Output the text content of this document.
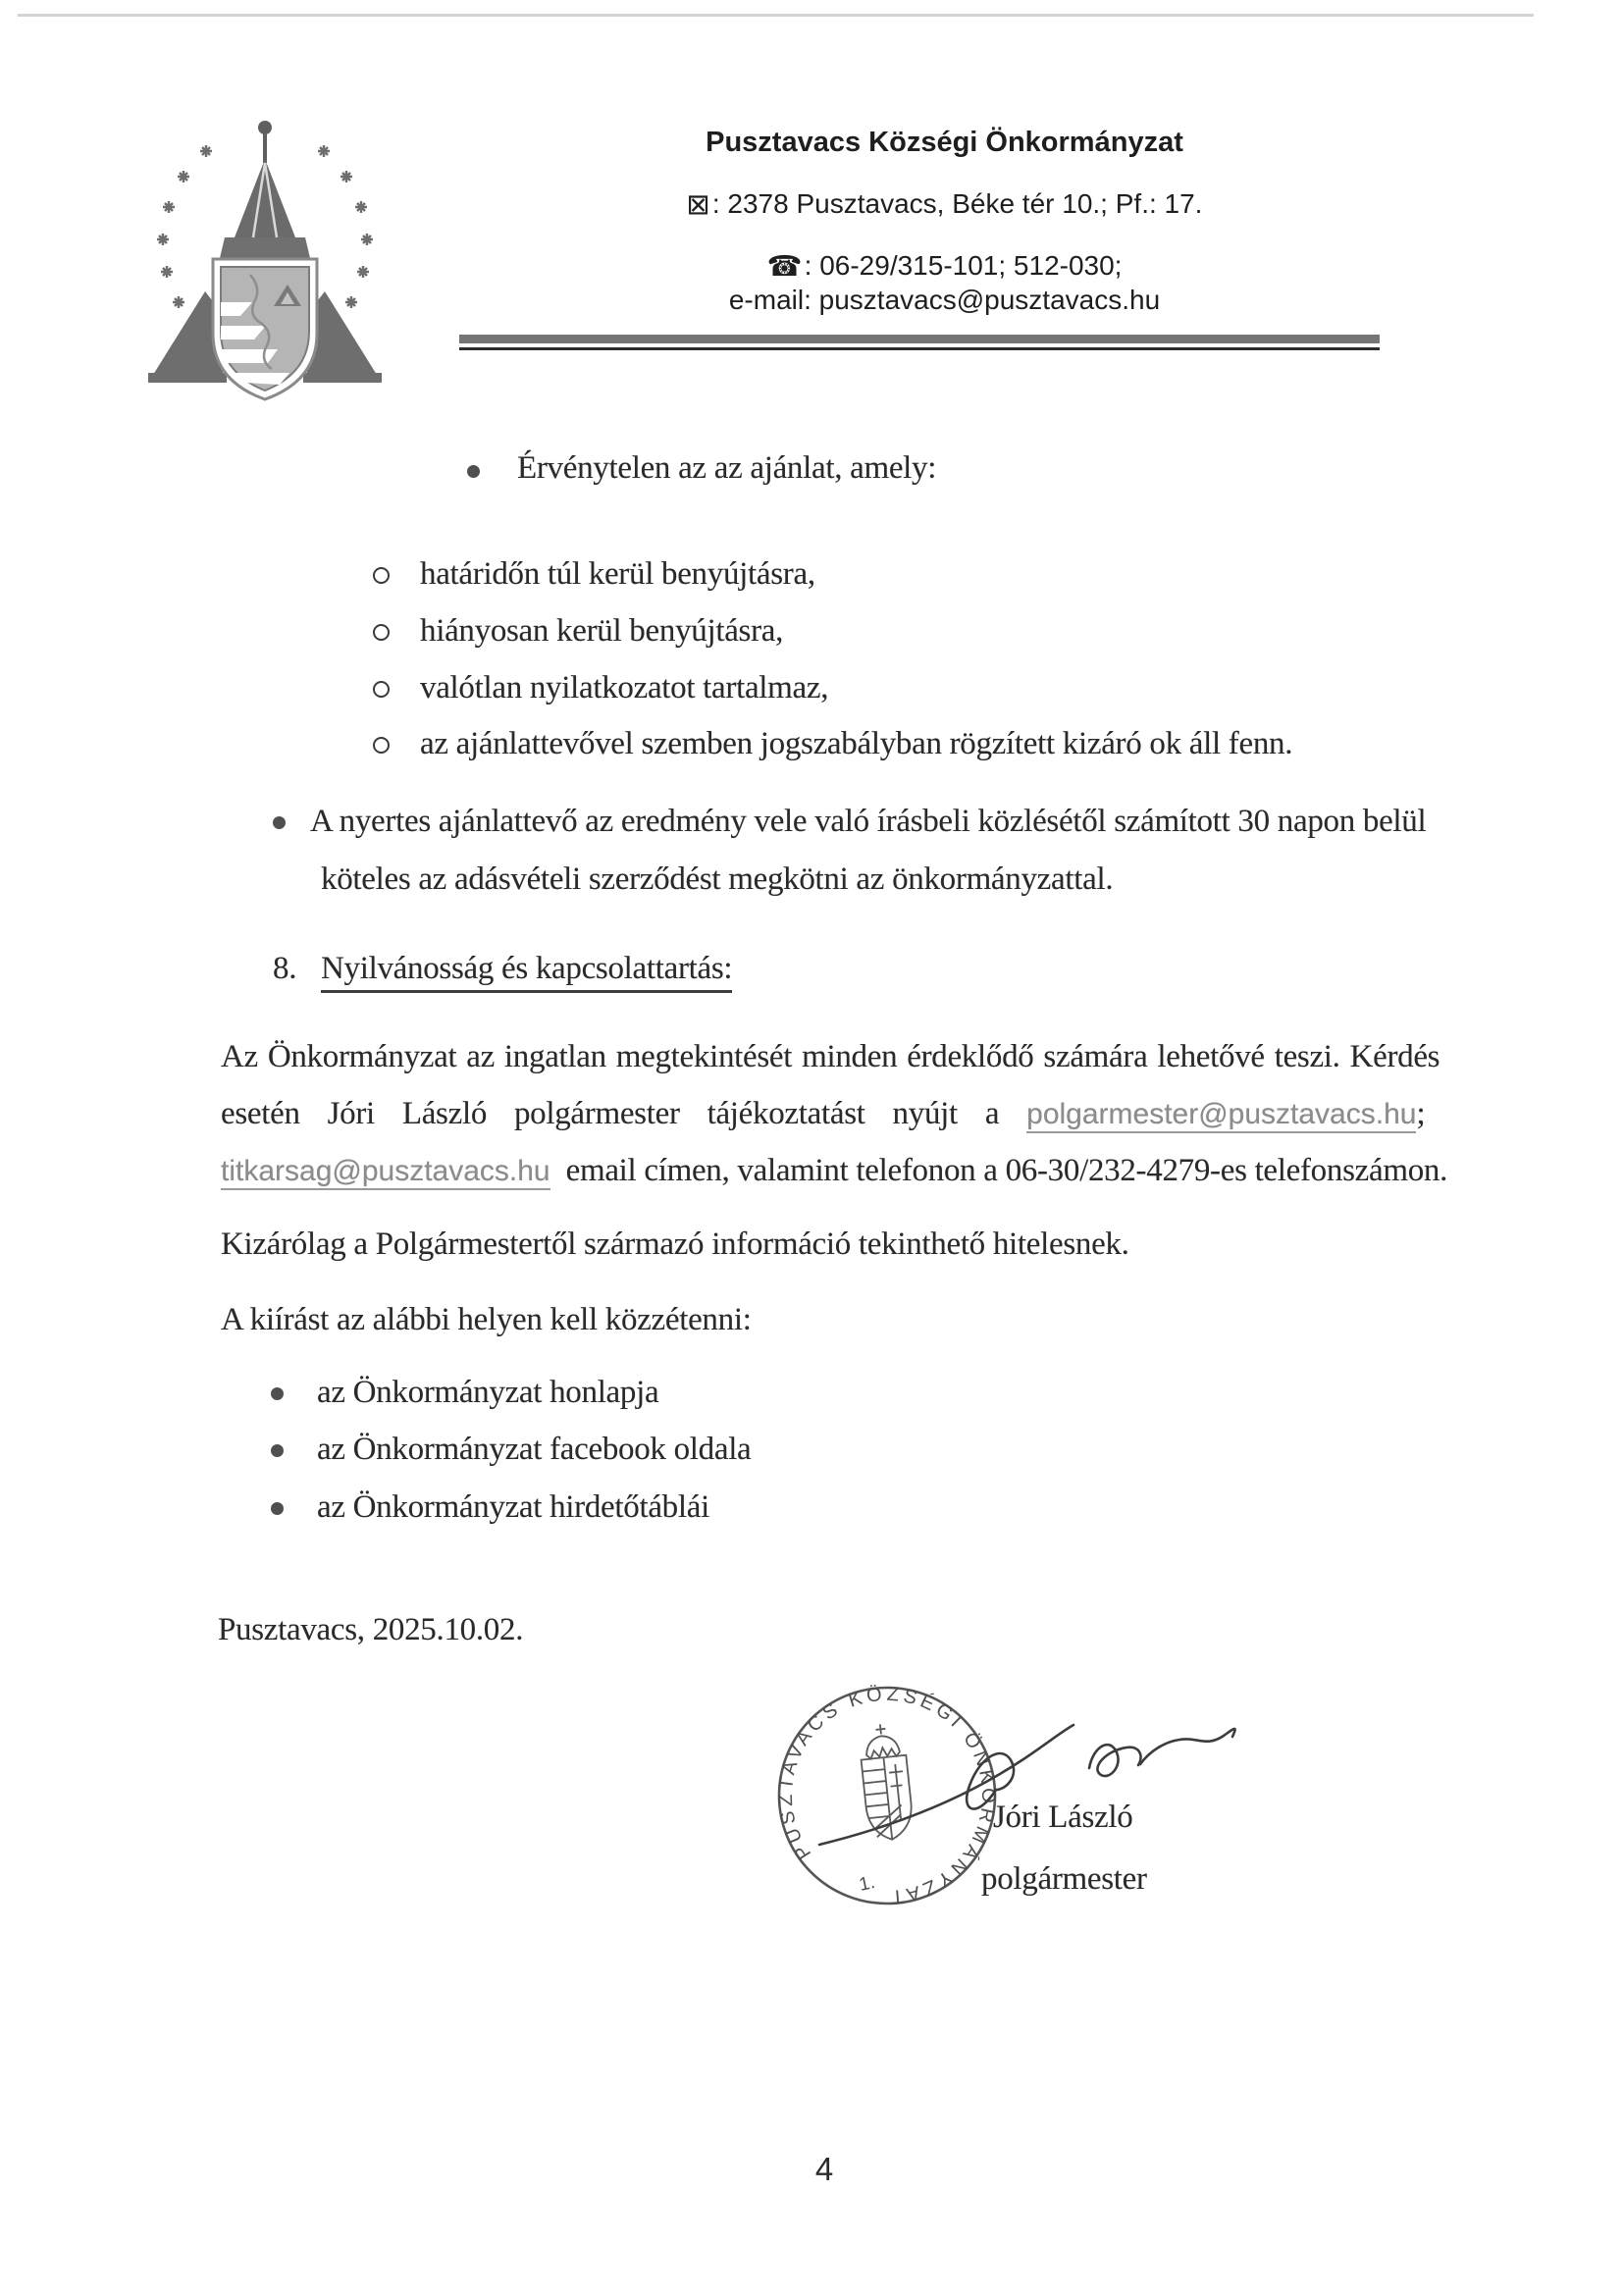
Pusztavacs Községi Önkormányzat
⊠: 2378 Pusztavacs, Béke tér 10.; Pf.: 17.
☎: 06-29/315-101; 512-030;
e-mail: pusztavacs@pusztavacs.hu
Érvénytelen az az ajánlat, amely:
határidőn túl kerül benyújtásra,
hiányosan kerül benyújtásra,
valótlan nyilatkozatot tartalmaz,
az ajánlattevővel szemben jogszabályban rögzített kizáró ok áll fenn.
A nyertes ajánlattevő az eredmény vele való írásbeli közlésétől számított 30 napon belül
köteles az adásvételi szerződést megkötni az önkormányzattal.
8. Nyilvánosság és kapcsolattartás:
Az Önkormányzat az ingatlan megtekintését minden érdeklődő számára lehetővé teszi. Kérdés
esetén Jóri László polgármester tájékoztatást nyújt a polgarmester@pusztavacs.hu;
titkarsag@pusztavacs.hu email címen, valamint telefonon a 06-30/232-4279-es telefonszámon.
Kizárólag a Polgármestertől származó információ tekinthető hitelesnek.
A kiírást az alábbi helyen kell közzétenni:
az Önkormányzat honlapja
az Önkormányzat facebook oldala
az Önkormányzat hirdetőtáblái
Pusztavacs, 2025.10.02.
PUSZTAVACS KÖZSÉGI ÖNKORMÁNYZAT
1.
Jóri László
polgármester
4
